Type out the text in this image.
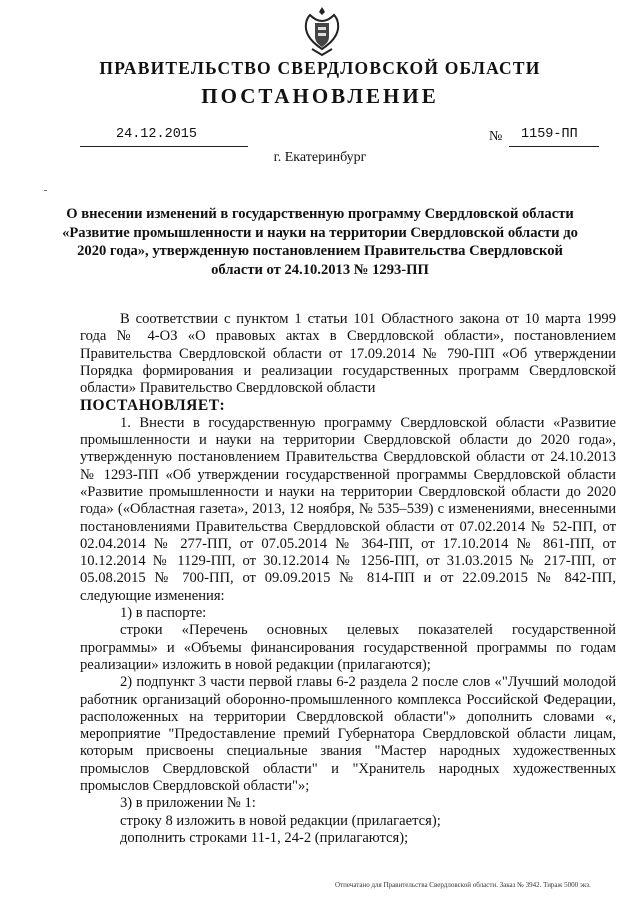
ПРАВИТЕЛЬСТВО СВЕРДЛОВСКОЙ ОБЛАСТИ
ПОСТАНОВЛЕНИЕ
24.12.2015	№ 1159-ПП
г. Екатеринбург
О внесении изменений в государственную программу Свердловской области «Развитие промышленности и науки на территории Свердловской области до 2020 года», утвержденную постановлением Правительства Свердловской области от 24.10.2013 № 1293-ПП

В соответствии с пунктом 1 статьи 101 Областного закона от 10 марта 1999 года № 4-ОЗ «О правовых актах в Свердловской области», постановлением Правительства Свердловской области от 17.09.2014 № 790-ПП «Об утверждении Порядка формирования и реализации государственных программ Свердловской области» Правительство Свердловской области

ПОСТАНОВЛЯЕТ:

1. Внести в государственную программу Свердловской области «Развитие промышленности и науки на территории Свердловской области до 2020 года», утвержденную постановлением Правительства Свердловской области от 24.10.2013 № 1293-ПП «Об утверждении государственной программы Свердловской области «Развитие промышленности и науки на территории Свердловской области до 2020 года» («Областная газета», 2013, 12 ноября, № 535–539) с изменениями, внесенными постановлениями Правительства Свердловской области от 07.02.2014 № 52-ПП, от 02.04.2014 № 277-ПП, от 07.05.2014 № 364-ПП, от 17.10.2014 № 861-ПП, от 10.12.2014 № 1129-ПП, от 30.12.2014 № 1256-ПП, от 31.03.2015 № 217-ПП, от 05.08.2015 № 700-ПП, от 09.09.2015 № 814-ПП и от 22.09.2015 № 842-ПП, следующие изменения:

1) в паспорте:

строки «Перечень основных целевых показателей государственной программы» и «Объемы финансирования государственной программы по годам реализации» изложить в новой редакции (прилагаются);

2) подпункт 3 части первой главы 6-2 раздела 2 после слов «"Лучший молодой работник организаций оборонно-промышленного комплекса Российской Федерации, расположенных на территории Свердловской области"» дополнить словами «, мероприятие "Предоставление премий Губернатора Свердловской области лицам, которым присвоены специальные звания "Мастер народных художественных промыслов Свердловской области" и "Хранитель народных художественных промыслов Свердловской области"»;

3) в приложении № 1:

строку 8 изложить в новой редакции (прилагается);

дополнить строками 11-1, 24-2 (прилагаются);

Отпечатано для Правительства Свердловской области. Заказ № 3942. Тираж 5000 экз.
